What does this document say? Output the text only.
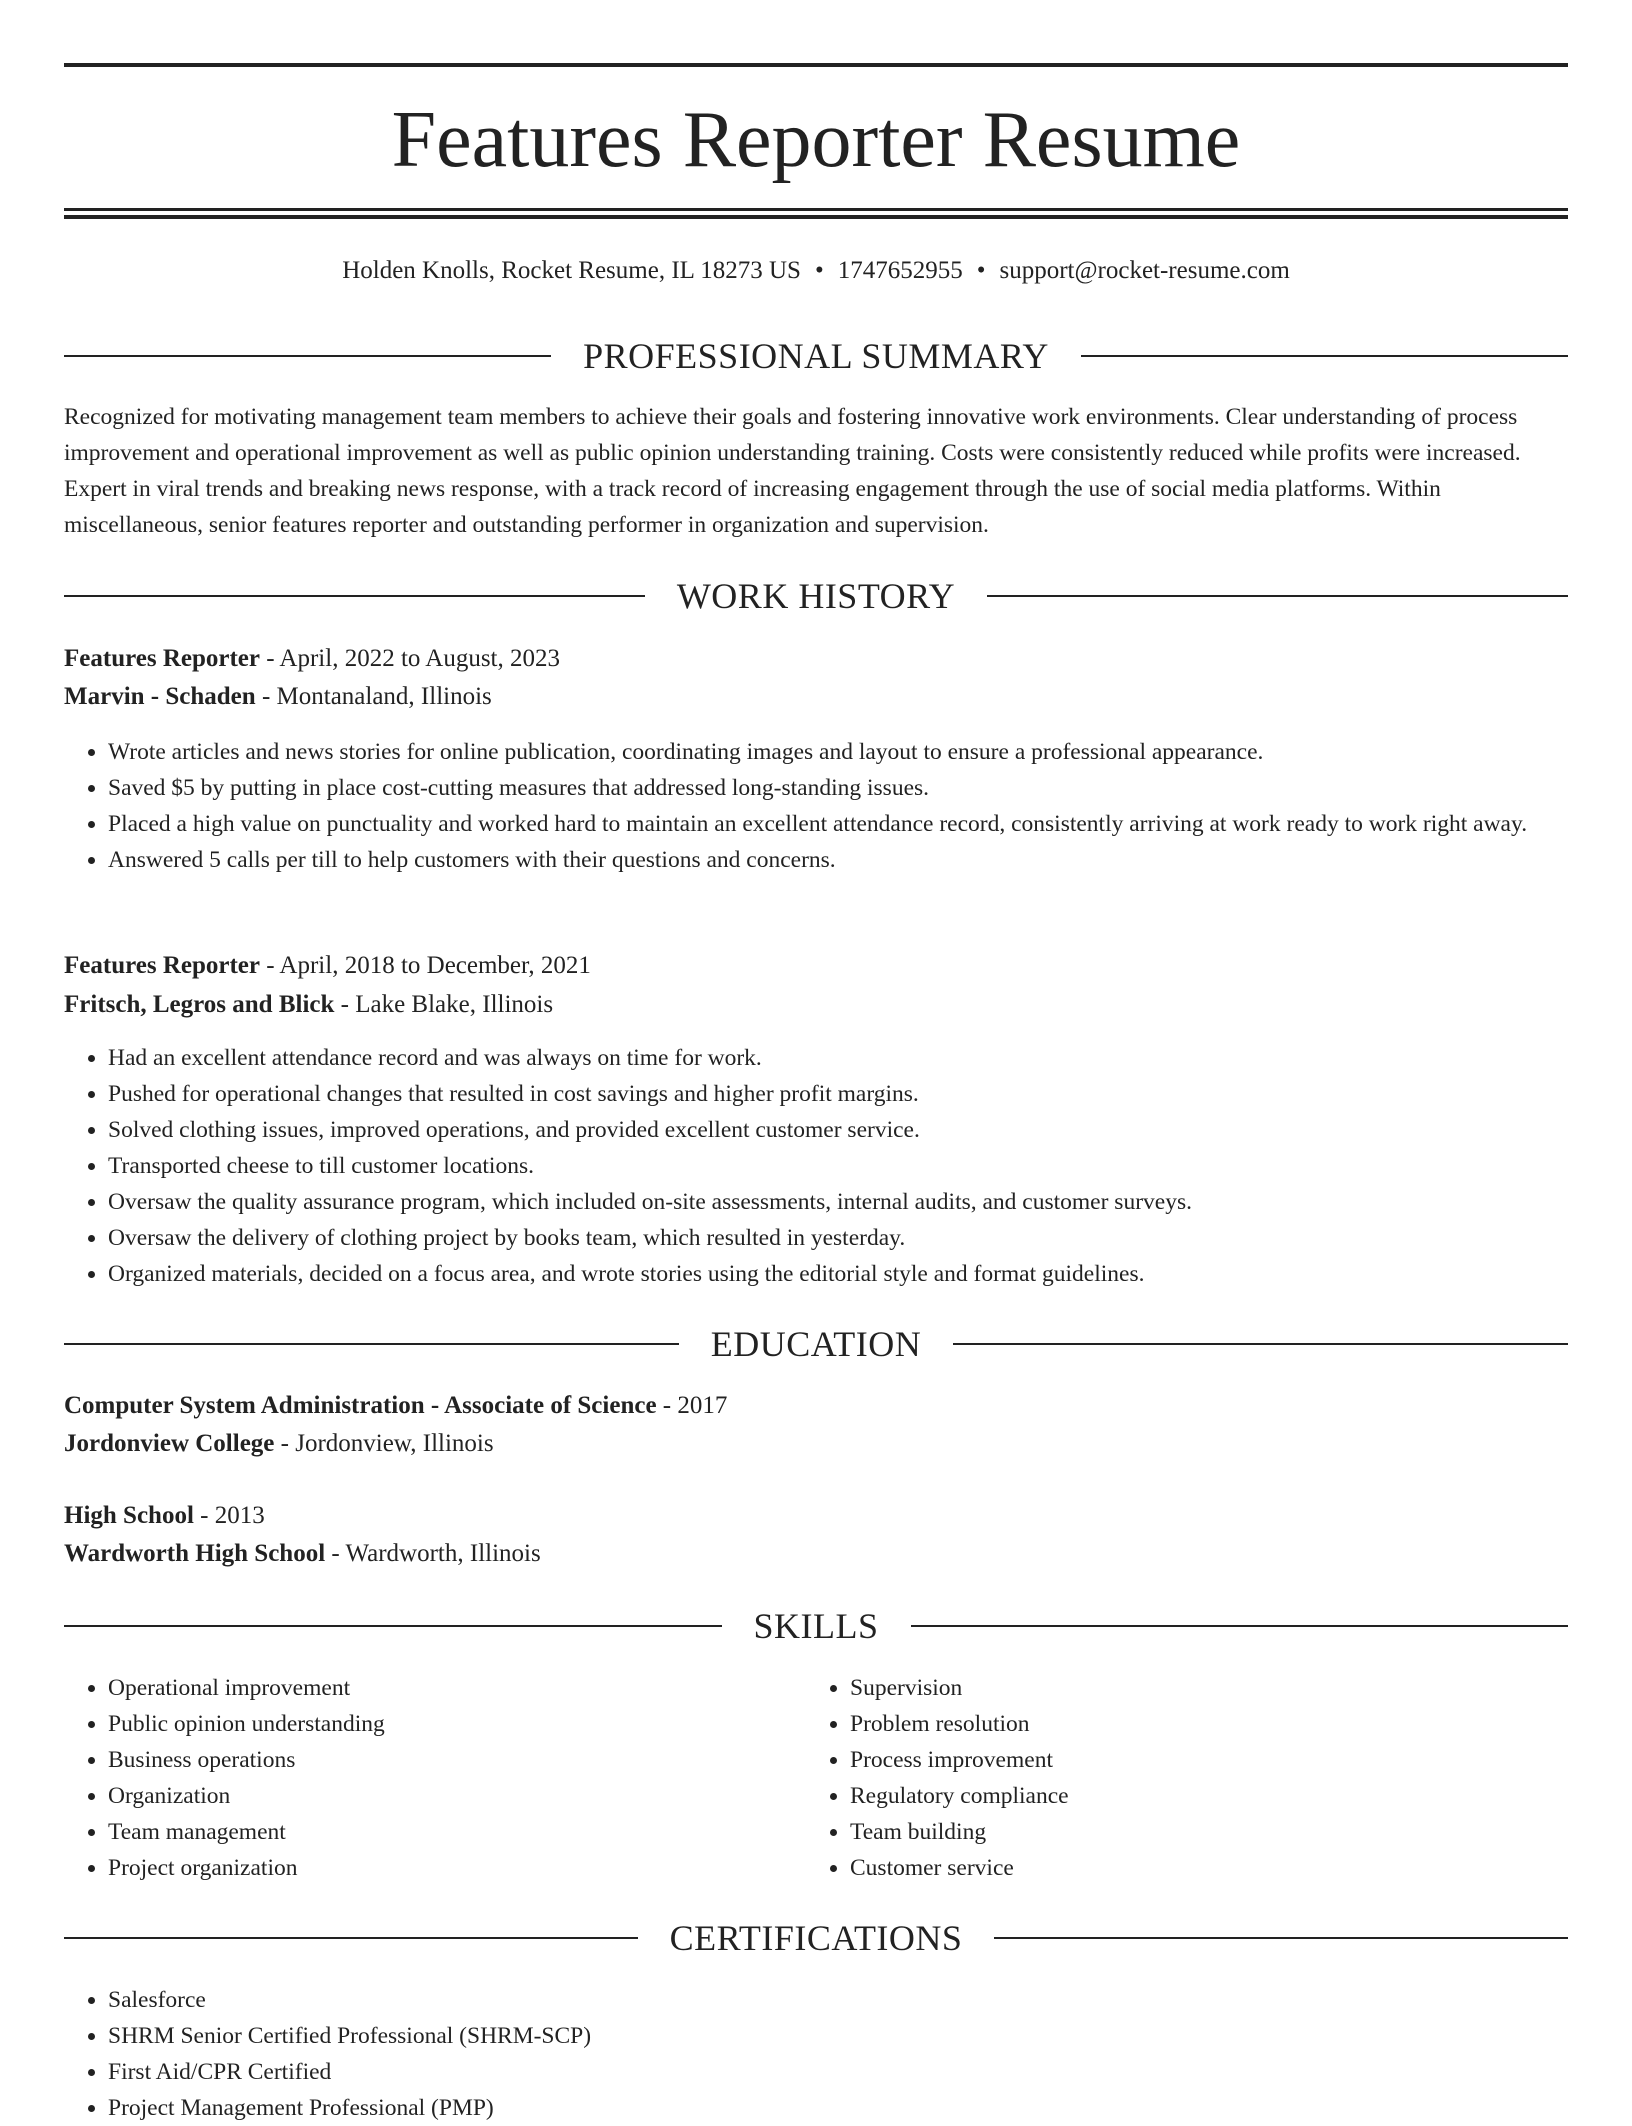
Features Reporter Resume
Holden Knolls, Rocket Resume, IL 18273 US • 1747652955 • support@rocket-resume.com
PROFESSIONAL SUMMARY

Recognized for motivating management team members to achieve their goals and fostering innovative work environments. Clear understanding of process improvement and operational improvement as well as public opinion understanding training. Costs were consistently reduced while profits were increased. Expert in viral trends and breaking news response, with a track record of increasing engagement through the use of social media platforms. Within miscellaneous, senior features reporter and outstanding performer in organization and supervision.

WORK HISTORY
Features Reporter - April, 2022 to August, 2023
Marvin - Schaden - Montanaland, Illinois
• Wrote articles and news stories for online publication, coordinating images and layout to ensure a professional appearance.
• Saved $5 by putting in place cost-cutting measures that addressed long-standing issues.
• Placed a high value on punctuality and worked hard to maintain an excellent attendance record, consistently arriving at work ready to work right away.
• Answered 5 calls per till to help customers with their questions and concerns.
Features Reporter - April, 2018 to December, 2021
Fritsch, Legros and Blick - Lake Blake, Illinois
• Had an excellent attendance record and was always on time for work.
• Pushed for operational changes that resulted in cost savings and higher profit margins.
• Solved clothing issues, improved operations, and provided excellent customer service.
• Transported cheese to till customer locations.
• Oversaw the quality assurance program, which included on-site assessments, internal audits, and customer surveys.
• Oversaw the delivery of clothing project by books team, which resulted in yesterday.
• Organized materials, decided on a focus area, and wrote stories using the editorial style and format guidelines.
EDUCATION
Computer System Administration - Associate of Science - 2017
Jordonview College - Jordonview, Illinois
High School - 2013
Wardworth High School - Wardworth, Illinois
SKILLS
• Operational improvement
• Public opinion understanding
• Business operations
• Organization
• Team management
• Project organization
• Supervision
• Problem resolution
• Process improvement
• Regulatory compliance
• Team building
• Customer service
CERTIFICATIONS
• Salesforce
• SHRM Senior Certified Professional (SHRM-SCP)
• First Aid/CPR Certified
• Project Management Professional (PMP)
